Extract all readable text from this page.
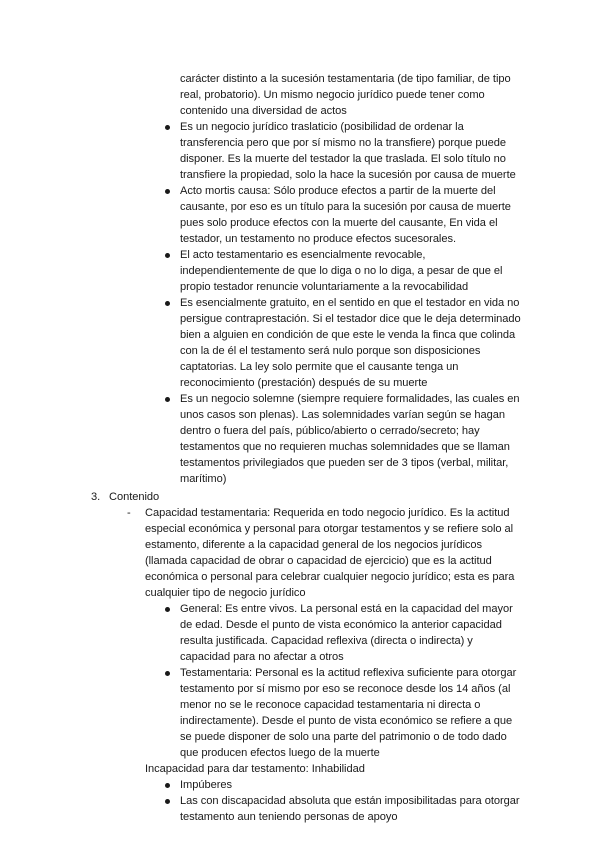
carácter distinto a la sucesión testamentaria (de tipo familiar, de tipo
real, probatorio). Un mismo negocio jurídico puede tener como
contenido una diversidad de actos
Es un negocio jurídico traslaticio (posibilidad de ordenar la
transferencia pero que por sí mismo no la transfiere) porque puede
disponer. Es la muerte del testador la que traslada. El solo título no
transfiere la propiedad, solo la hace la sucesión por causa de muerte
Acto mortis causa: Sólo produce efectos a partir de la muerte del
causante, por eso es un título para la sucesión por causa de muerte
pues solo produce efectos con la muerte del causante, En vida el
testador, un testamento no produce efectos sucesorales.
El acto testamentario es esencialmente revocable,
independientemente de que lo diga o no lo diga, a pesar de que el
propio testador renuncie voluntariamente a la revocabilidad
Es esencialmente gratuito, en el sentido en que el testador en vida no
persigue contraprestación. Si el testador dice que le deja determinado
bien a alguien en condición de que este le venda la finca que colinda
con la de él el testamento será nulo porque son disposiciones
captatorias. La ley solo permite que el causante tenga un
reconocimiento (prestación) después de su muerte
Es un negocio solemne (siempre requiere formalidades, las cuales en
unos casos son plenas). Las solemnidades varían según se hagan
dentro o fuera del país, público/abierto o cerrado/secreto; hay
testamentos que no requieren muchas solemnidades que se llaman
testamentos privilegiados que pueden ser de 3 tipos (verbal, militar,
marítimo)
3. Contenido
- Capacidad testamentaria: Requerida en todo negocio jurídico. Es la actitud
especial económica y personal para otorgar testamentos y se refiere solo al
estamento, diferente a la capacidad general de los negocios jurídicos
(llamada capacidad de obrar o capacidad de ejercicio) que es la actitud
económica o personal para celebrar cualquier negocio jurídico; esta es para
cualquier tipo de negocio jurídico
General: Es entre vivos. La personal está en la capacidad del mayor
de edad. Desde el punto de vista económico la anterior capacidad
resulta justificada. Capacidad reflexiva (directa o indirecta) y
capacidad para no afectar a otros
Testamentaria: Personal es la actitud reflexiva suficiente para otorgar
testamento por sí mismo por eso se reconoce desde los 14 años (al
menor no se le reconoce capacidad testamentaria ni directa o
indirectamente). Desde el punto de vista económico se refiere a que
se puede disponer de solo una parte del patrimonio o de todo dado
que producen efectos luego de la muerte
Incapacidad para dar testamento: Inhabilidad
Impúberes
Las con discapacidad absoluta que están imposibilitadas para otorgar
testamento aun teniendo personas de apoyo
